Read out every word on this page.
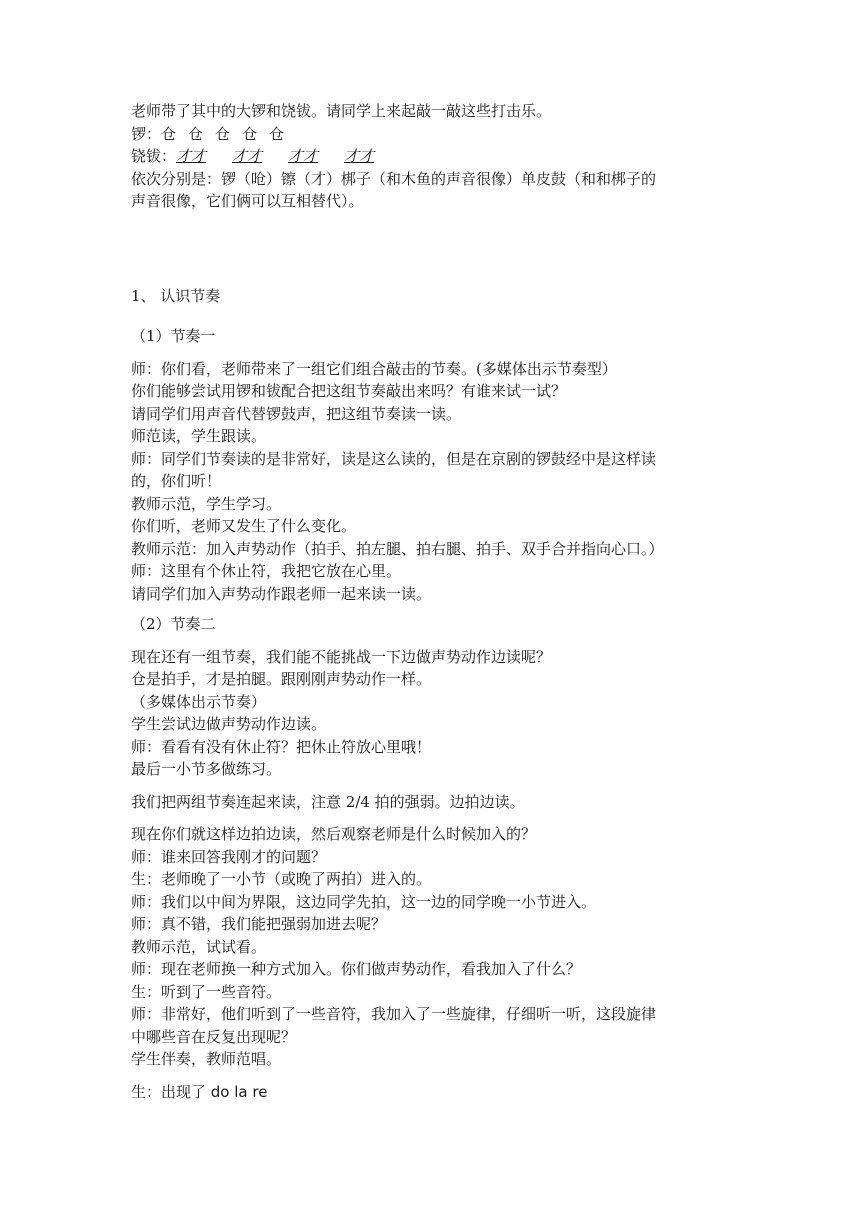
老师带了其中的大锣和饶钹。请同学上来起敲一敲这些打击乐。

锣：仓 仓 仓 仓 仓

铙钹：才才 才才 才才 才才

依次分别是：锣（呛）镲（才）梆子（和木鱼的声音很像）单皮鼓（和和梆子的

声音很像，它们俩可以互相替代）。

1、 认识节奏

（1）节奏一

师：你们看，老师带来了一组它们组合敲击的节奏。(多媒体出示节奏型）

你们能够尝试用锣和钹配合把这组节奏敲出来吗？有谁来试一试？

请同学们用声音代替锣鼓声，把这组节奏读一读。

师范读，学生跟读。

师：同学们节奏读的是非常好，读是这么读的，但是在京剧的锣鼓经中是这样读

的，你们听！

教师示范，学生学习。

你们听，老师又发生了什么变化。

教师示范：加入声势动作（拍手、拍左腿、拍右腿、拍手、双手合并指向心口。）

师：这里有个休止符，我把它放在心里。

请同学们加入声势动作跟老师一起来读一读。

（2）节奏二

现在还有一组节奏，我们能不能挑战一下边做声势动作边读呢？

仓是拍手，才是拍腿。跟刚刚声势动作一样。

（多媒体出示节奏）

学生尝试边做声势动作边读。

师：看看有没有休止符？把休止符放心里哦！

最后一小节多做练习。

我们把两组节奏连起来读，注意 2/4 拍的强弱。边拍边读。

现在你们就这样边拍边读，然后观察老师是什么时候加入的？

师：谁来回答我刚才的问题？

生：老师晚了一小节（或晚了两拍）进入的。

师：我们以中间为界限，这边同学先拍，这一边的同学晚一小节进入。

师：真不错，我们能把强弱加进去呢？

教师示范，试试看。

师：现在老师换一种方式加入。你们做声势动作，看我加入了什么？

生：听到了一些音符。

师：非常好，他们听到了一些音符，我加入了一些旋律，仔细听一听，这段旋律

中哪些音在反复出现呢？

学生伴奏，教师范唱。

生：出现了 do la re
